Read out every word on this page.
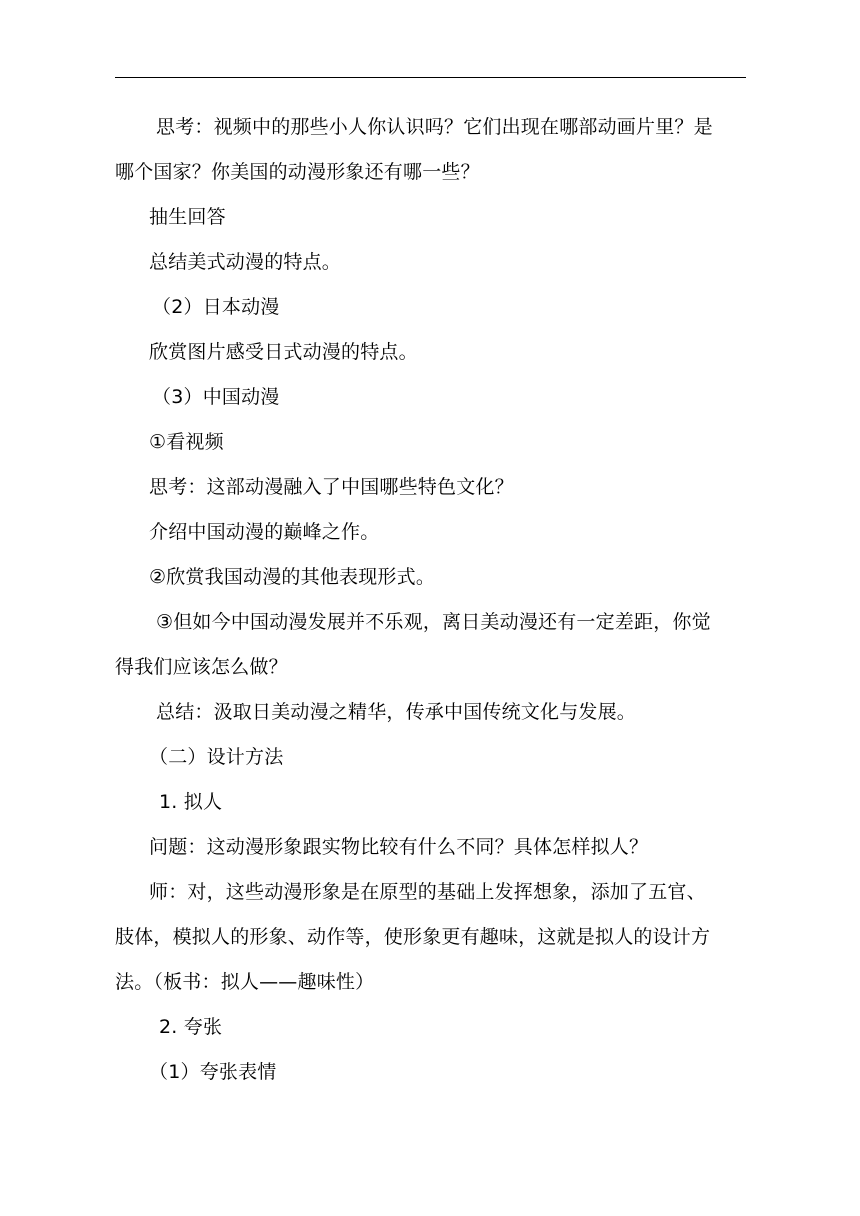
思考：视频中的那些小人你认识吗？它们出现在哪部动画片里？是
哪个国家？你美国的动漫形象还有哪一些？
抽生回答
总结美式动漫的特点。
（2）日本动漫
欣赏图片感受日式动漫的特点。
（3）中国动漫
①看视频
思考：这部动漫融入了中国哪些特色文化？
介绍中国动漫的巅峰之作。
②欣赏我国动漫的其他表现形式。
③但如今中国动漫发展并不乐观，离日美动漫还有一定差距，你觉
得我们应该怎么做？
总结：汲取日美动漫之精华，传承中国传统文化与发展。
（二）设计方法
1. 拟人
问题：这动漫形象跟实物比较有什么不同？具体怎样拟人？
师：对，这些动漫形象是在原型的基础上发挥想象，添加了五官、
肢体，模拟人的形象、动作等，使形象更有趣味，这就是拟人的设计方
法。（板书：拟人——趣味性）
2. 夸张
（1）夸张表情
